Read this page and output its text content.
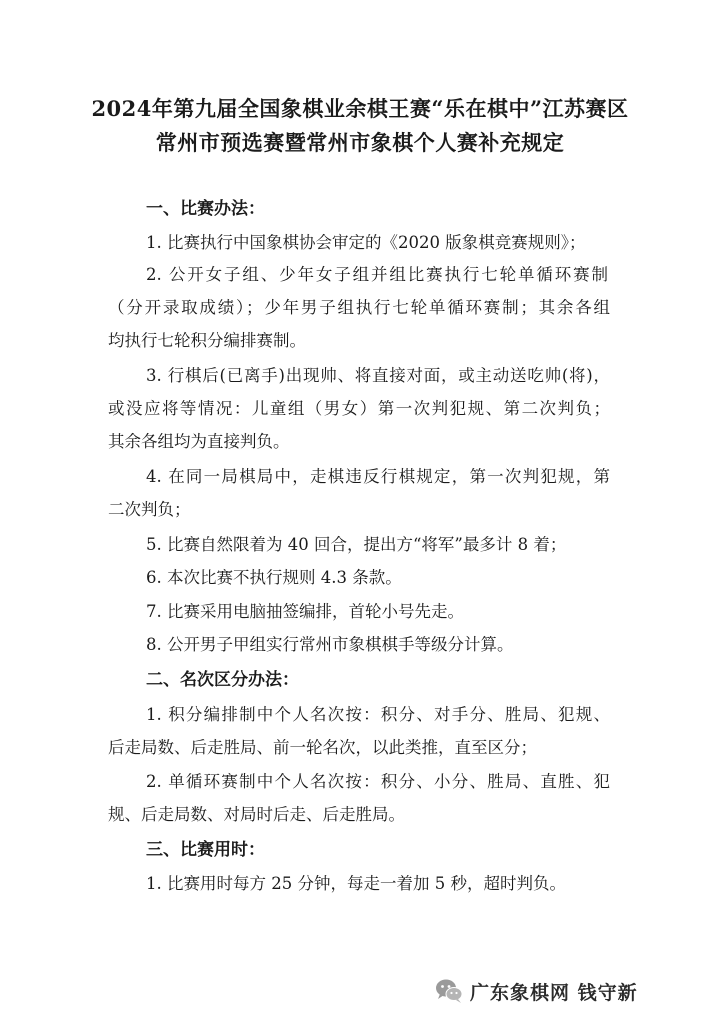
2024年第九届全国象棋业余棋王赛“乐在棋中”江苏赛区
常州市预选赛暨常州市象棋个人赛补充规定
一、比赛办法：
1. 比赛执行中国象棋协会审定的《2020 版象棋竞赛规则》；
2. 公开女子组、少年女子组并组比赛执行七轮单循环赛制
（分开录取成绩）；少年男子组执行七轮单循环赛制；其余各组
均执行七轮积分编排赛制。
3. 行棋后(已离手)出现帅、将直接对面，或主动送吃帅(将)，
或没应将等情况：儿童组（男女）第一次判犯规、第二次判负；
其余各组均为直接判负。
4. 在同一局棋局中，走棋违反行棋规定，第一次判犯规，第
二次判负；
5. 比赛自然限着为 40 回合，提出方“将军”最多计 8 着；
6. 本次比赛不执行规则 4.3 条款。
7. 比赛采用电脑抽签编排，首轮小号先走。
8. 公开男子甲组实行常州市象棋棋手等级分计算。
二、名次区分办法：
1. 积分编排制中个人名次按：积分、对手分、胜局、犯规、
后走局数、后走胜局、前一轮名次，以此类推，直至区分；
2. 单循环赛制中个人名次按：积分、小分、胜局、直胜、犯
规、后走局数、对局时后走、后走胜局。
三、比赛用时：
1. 比赛用时每方 25 分钟，每走一着加 5 秒，超时判负。
广东象棋网 钱守新
